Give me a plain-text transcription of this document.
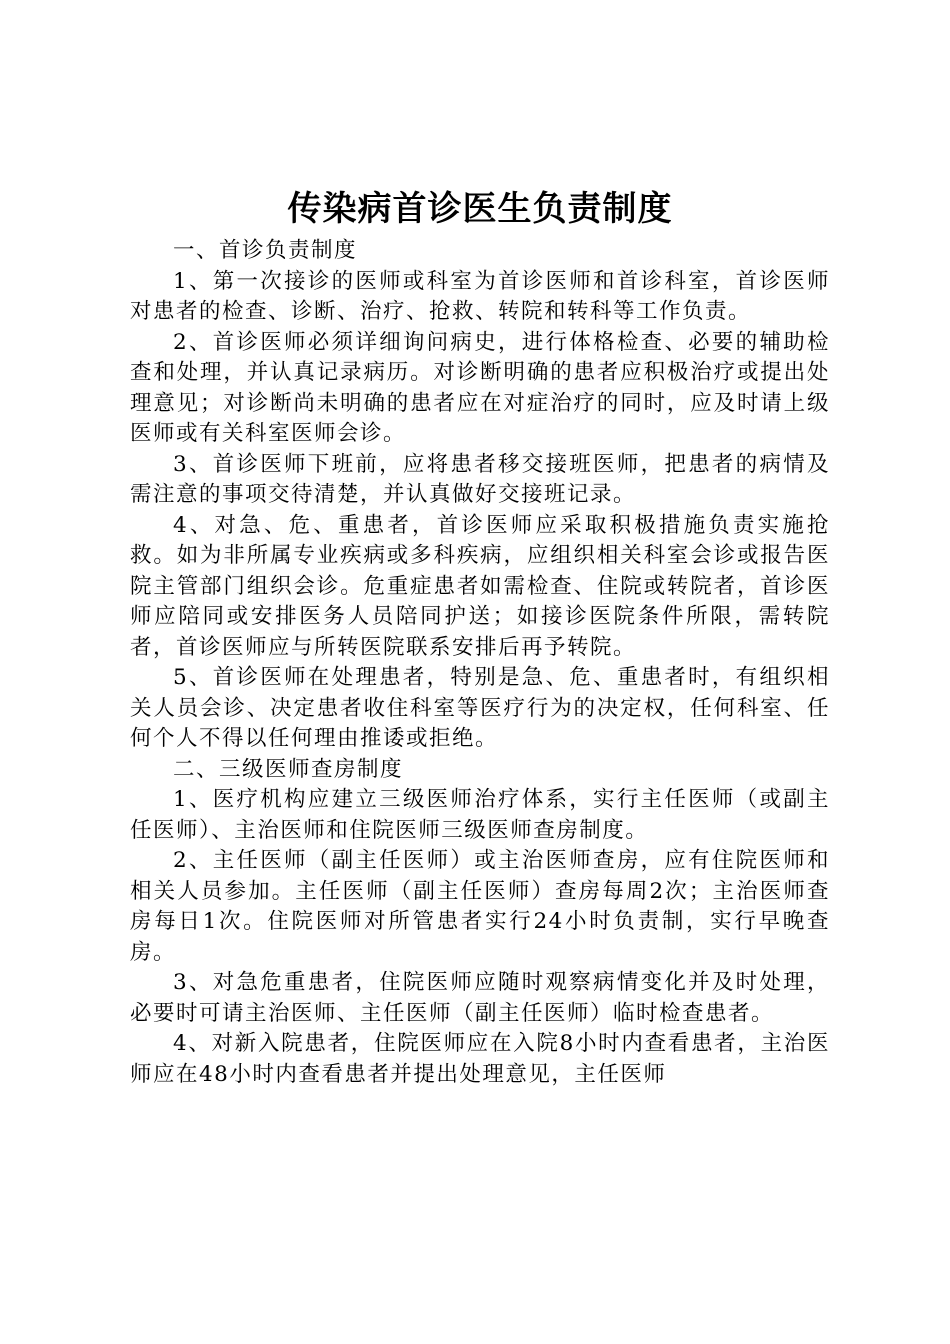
传染病首诊医生负责制度

一、首诊负责制度

1、第一次接诊的医师或科室为首诊医师和首诊科室，首诊医师对患者的检查、诊断、治疗、抢救、转院和转科等工作负责。

2、首诊医师必须详细询问病史，进行体格检查、必要的辅助检查和处理，并认真记录病历。对诊断明确的患者应积极治疗或提出处理意见；对诊断尚未明确的患者应在对症治疗的同时，应及时请上级医师或有关科室医师会诊。

3、首诊医师下班前，应将患者移交接班医师，把患者的病情及需注意的事项交待清楚，并认真做好交接班记录。

4、对急、危、重患者，首诊医师应采取积极措施负责实施抢救。如为非所属专业疾病或多科疾病，应组织相关科室会诊或报告医院主管部门组织会诊。危重症患者如需检查、住院或转院者，首诊医师应陪同或安排医务人员陪同护送；如接诊医院条件所限，需转院者，首诊医师应与所转医院联系安排后再予转院。

5、首诊医师在处理患者，特别是急、危、重患者时，有组织相关人员会诊、决定患者收住科室等医疗行为的决定权，任何科室、任何个人不得以任何理由推诿或拒绝。

二、三级医师查房制度

1、医疗机构应建立三级医师治疗体系，实行主任医师（或副主任医师）、主治医师和住院医师三级医师查房制度。

2、主任医师（副主任医师）或主治医师查房，应有住院医师和相关人员参加。主任医师（副主任医师）查房每周2次；主治医师查房每日1次。住院医师对所管患者实行24小时负责制，实行早晚查房。

3、对急危重患者，住院医师应随时观察病情变化并及时处理，必要时可请主治医师、主任医师（副主任医师）临时检查患者。

4、对新入院患者，住院医师应在入院8小时内查看患者，主治医师应在48小时内查看患者并提出处理意见，主任医师
